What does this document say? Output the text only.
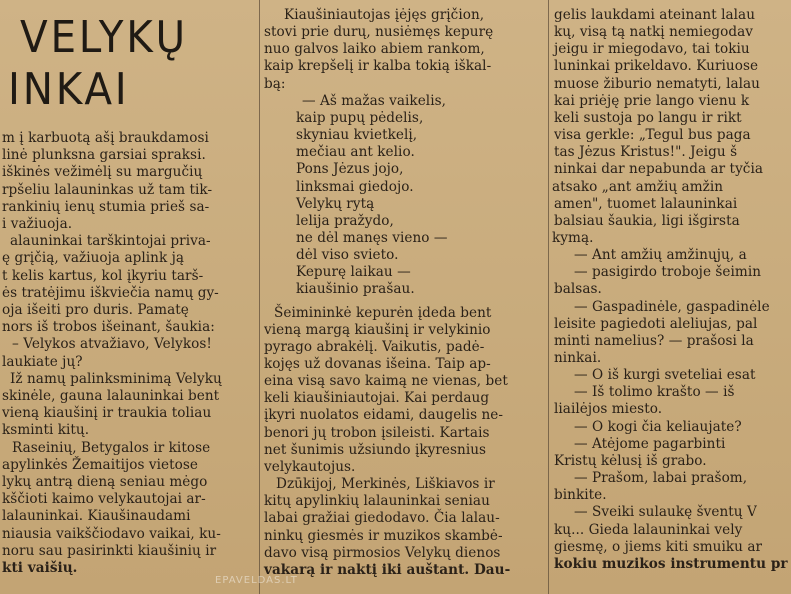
VELYKŲ
INKAI
m į karbuotą ašį braukdamosi
linė plunksna garsiai spraksi.
iškinės vežimėlį su margučių
rpšeliu lalauninkas už tam tik-
rankinių ienų stumia prieš sa-
i važiuoja.
alauninkai tarškintojai priva-
ę grįčią, važiuoja aplink ją
t kelis kartus, kol įkyriu tarš-
ės tratėjimu iškviečia namų gy-
oja išeiti pro duris. Pamatę
nors iš trobos išeinant, šaukia:
– Velykos atvažiavo, Velykos!
laukiate jų?
Iž namų palinksminimą Velykų
skinėle, gauna lalauninkai bent
vieną kiaušinį ir traukia toliau
ksminti kitų.
Raseinių, Betygalos ir kitose
apylinkės Žemaitijos vietose
lykų antrą dieną seniau mėgo
kščioti kaimo velykautojai ar-
lalauninkai. Kiaušinaudami
niausia vaikščiodavo vaikai, ku-
noru sau pasirinkti kiaušinių ir
kti vaišių.
Kiaušiniautojas įėjęs grįčion,
stovi prie durų, nusiėmęs kepurę
nuo galvos laiko abiem rankom,
kaip krepšelį ir kalba tokią iškal-
bą:
— Aš mažas vaikelis,
kaip pupų pėdelis,
skyniau kvietkelį,
mečiau ant kelio.
Pons Jėzus jojo,
linksmai giedojo.
Velykų rytą
lelija pražydo,
ne dėl manęs vieno —
dėl viso svieto.
Kepurę laikau —
kiaušinio prašau.
Šeimininkė kepurėn įdeda bent
vieną margą kiaušinį ir velykinio
pyrago abrakėlį. Vaikutis, padė-
kojęs už dovanas išeina. Taip ap-
eina visą savo kaimą ne vienas, bet
keli kiaušiniautojai. Kai perdaug
įkyri nuolatos eidami, daugelis ne-
benori jų trobon įsileisti. Kartais
net šunimis užsiundo įkyresnius
velykautojus.
Dzūkijoj, Merkinės, Liškiavos ir
kitų apylinkių lalauninkai seniau
labai gražiai giedodavo. Čia lalau-
ninkų giesmės ir muzikos skambė-
davo visą pirmosios Velykų dienos
vakarą ir naktį iki auštant. Dau-
gelis laukdami ateinant lalau
kų, visą tą natkį nemiegodav
jeigu ir miegodavo, tai tokiu
luninkai prikeldavo. Kuriuose
muose žiburio nematyti, lalau
kai priėję prie lango vienu k
keli sustoja po langu ir rikt
visa gerkle: „Tegul bus paga
tas Jėzus Kristus!". Jeigu š
ninkai dar nepabunda ar tyčia
atsako „ant amžių amžin
amen", tuomet lalauninkai
balsiau šaukia, ligi išgirsta
kymą.
— Ant amžių amžinųjų, a
— pasigirdo troboje šeimin
balsas.
— Gaspadinėle, gaspadinėle
leisite pagiedoti aleliujas, pal
minti namelius? — prašosi la
ninkai.
— O iš kurgi sveteliai esat
— Iš tolimo krašto — iš
liailėjos miesto.
— O kogi čia keliaujate?
— Atėjome pagarbinti
Kristų kėlusį iš grabo.
— Prašom, labai prašom,
binkite.
— Sveiki sulaukę šventų V
kų... Gieda lalauninkai vely
giesmę, o jiems kiti smuiku ar
kokiu muzikos instrumentu pr
EPAVELDAS.LT
